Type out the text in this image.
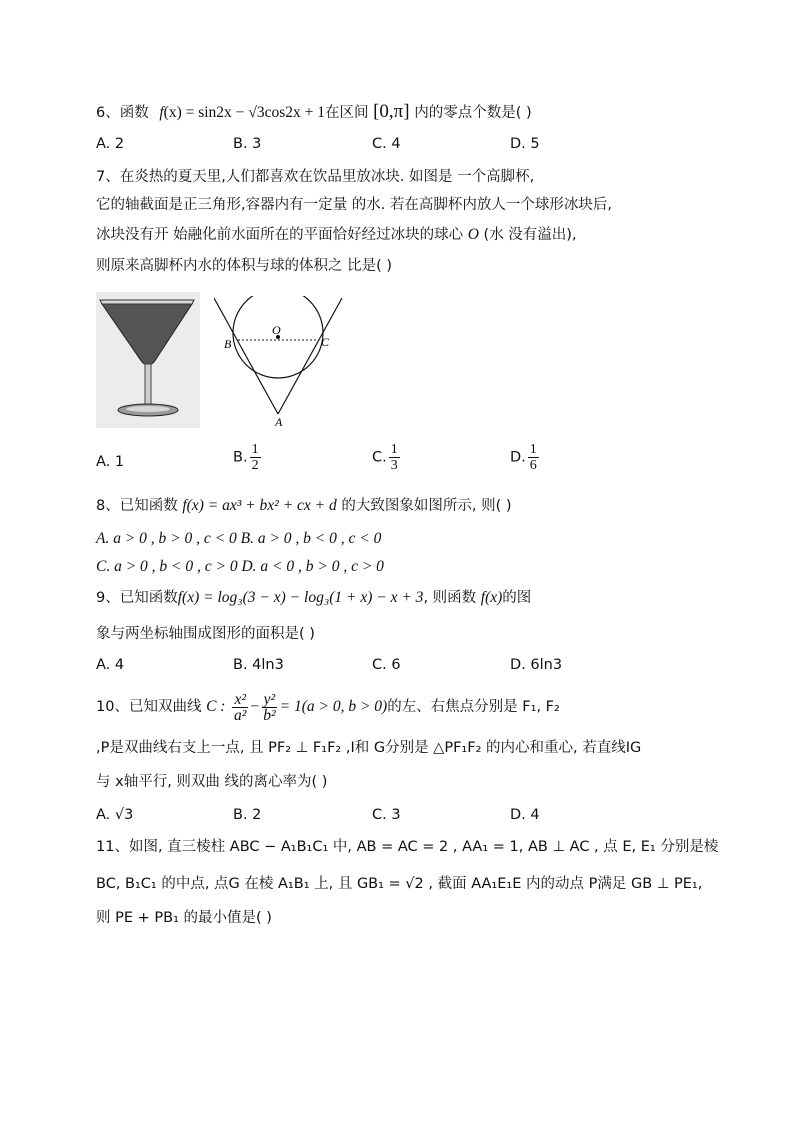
6、函数 f(x) = sin2x − √3cos2x + 1在区间 [0,π] 内的零点个数是( )
A. 2	B. 3	C. 4	D. 5
7、在炎热的夏天里,人们都喜欢在饮品里放冰块. 如图是 一个高脚杯,
它的轴截面是正三角形,容器内有一定量 的水. 若在高脚杯内放人一个球形冰块后,
冰块没有开 始融化前水面所在的平面恰好经过冰块的球心 O (水 没有溢出),
则原来高脚杯内水的体积与球的体积之 比是( )
O
B	C
A
A. 1	B. $\frac{1}{2}$	C. $\frac{1}{3}$	D. $\frac{1}{6}$
8、已知函数 f(x) = ax³ + bx² + cx + d 的大致图象如图所示, 则( )
A. a > 0 , b > 0 , c < 0 B. a > 0 , b < 0 , c < 0
C. a > 0 , b < 0 , c > 0 D. a < 0 , b > 0 , c > 0
9、已知函数f(x) = log₃(3 − x) − log₃(1 + x) − x + 3, 则函数 f(x)的图
象与两坐标轴围成图形的面积是( )
A. 4	B. 4ln3	C. 6	D. 6ln3
10、已知双曲线 C : $\frac{\text{x²}}{\text{a²}} - \frac{\text{y²}}{\text{b²}} = 1(a > 0$, b > 0)的左、右焦点分别是 F₁, F₂
,P是双曲线右支上一点, 且 PF₂ ⊥ F₁F₂ ,I和 G分别是 △PF₁F₂ 的内心和重心, 若直线IG
与 x轴平行, 则双曲 线的离心率为( )
A. √3	B. 2	C. 3	D. 4
11、如图, 直三棱柱 ABC − A₁B₁C₁ 中, AB = AC = 2 , AA₁ = 1, AB ⊥ AC , 点 E, E₁ 分别是棱
BC, B₁C₁ 的中点, 点G 在棱 A₁B₁ 上, 且 GB₁ = √2 , 截面 AA₁E₁E 内的动点 P满足 GB ⊥ PE₁,
则 PE + PB₁ 的最小值是( )
